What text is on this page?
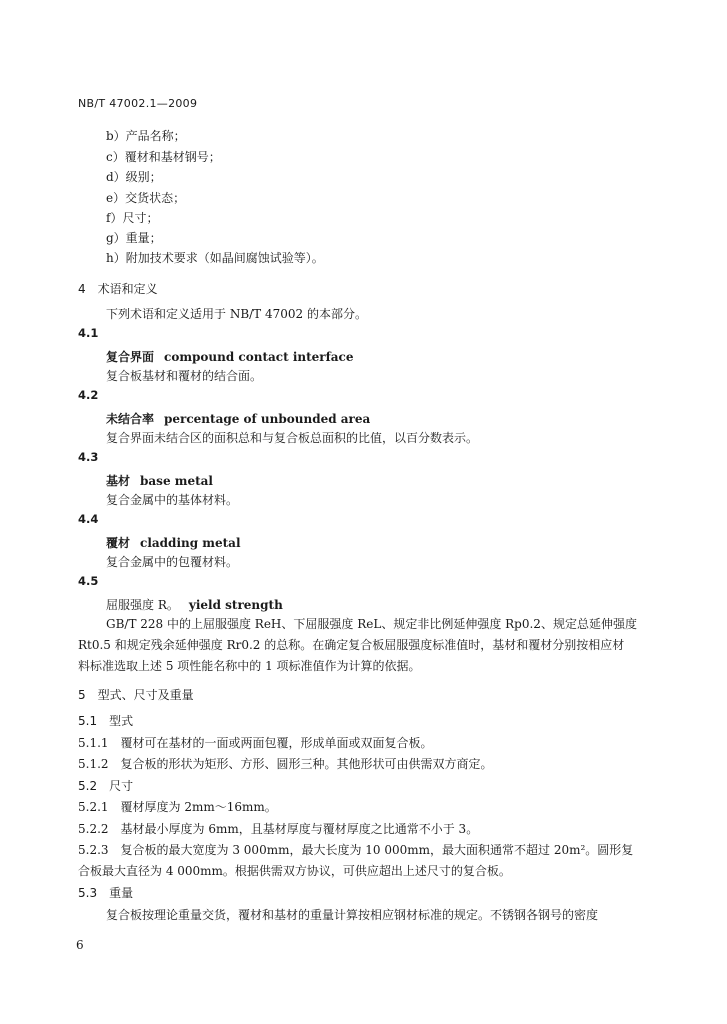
NB/T 47002.1—2009
b）产品名称；
c）覆材和基材钢号；
d）级别；
e）交货状态；
f）尺寸；
g）重量；
h）附加技术要求（如晶间腐蚀试验等）。
4　术语和定义
下列术语和定义适用于 NB/T 47002 的本部分。
4.1
复合界面 compound contact interface
复合板基材和覆材的结合面。
4.2
未结合率 percentage of unbounded area
复合界面未结合区的面积总和与复合板总面积的比值，以百分数表示。
4.3
基材 base metal
复合金属中的基体材料。
4.4
覆材 cladding metal
复合金属中的包覆材料。
4.5
屈服强度 R。 yield strength
GB/T 228 中的上屈服强度 ReH、下屈服强度 ReL、规定非比例延伸强度 Rp0.2、规定总延伸强度
Rt0.5 和规定残余延伸强度 Rr0.2 的总称。在确定复合板屈服强度标准值时，基材和覆材分别按相应材
料标准选取上述 5 项性能名称中的 1 项标准值作为计算的依据。
5　型式、尺寸及重量
5.1　型式
5.1.1　覆材可在基材的一面或两面包覆，形成单面或双面复合板。
5.1.2　复合板的形状为矩形、方形、圆形三种。其他形状可由供需双方商定。
5.2　尺寸
5.2.1　覆材厚度为 2mm～16mm。
5.2.2　基材最小厚度为 6mm，且基材厚度与覆材厚度之比通常不小于 3。
5.2.3　复合板的最大宽度为 3 000mm，最大长度为 10 000mm，最大面积通常不超过 20m²。圆形复
合板最大直径为 4 000mm。根据供需双方协议，可供应超出上述尺寸的复合板。
5.3　重量
复合板按理论重量交货，覆材和基材的重量计算按相应钢材标准的规定。不锈钢各钢号的密度
6
